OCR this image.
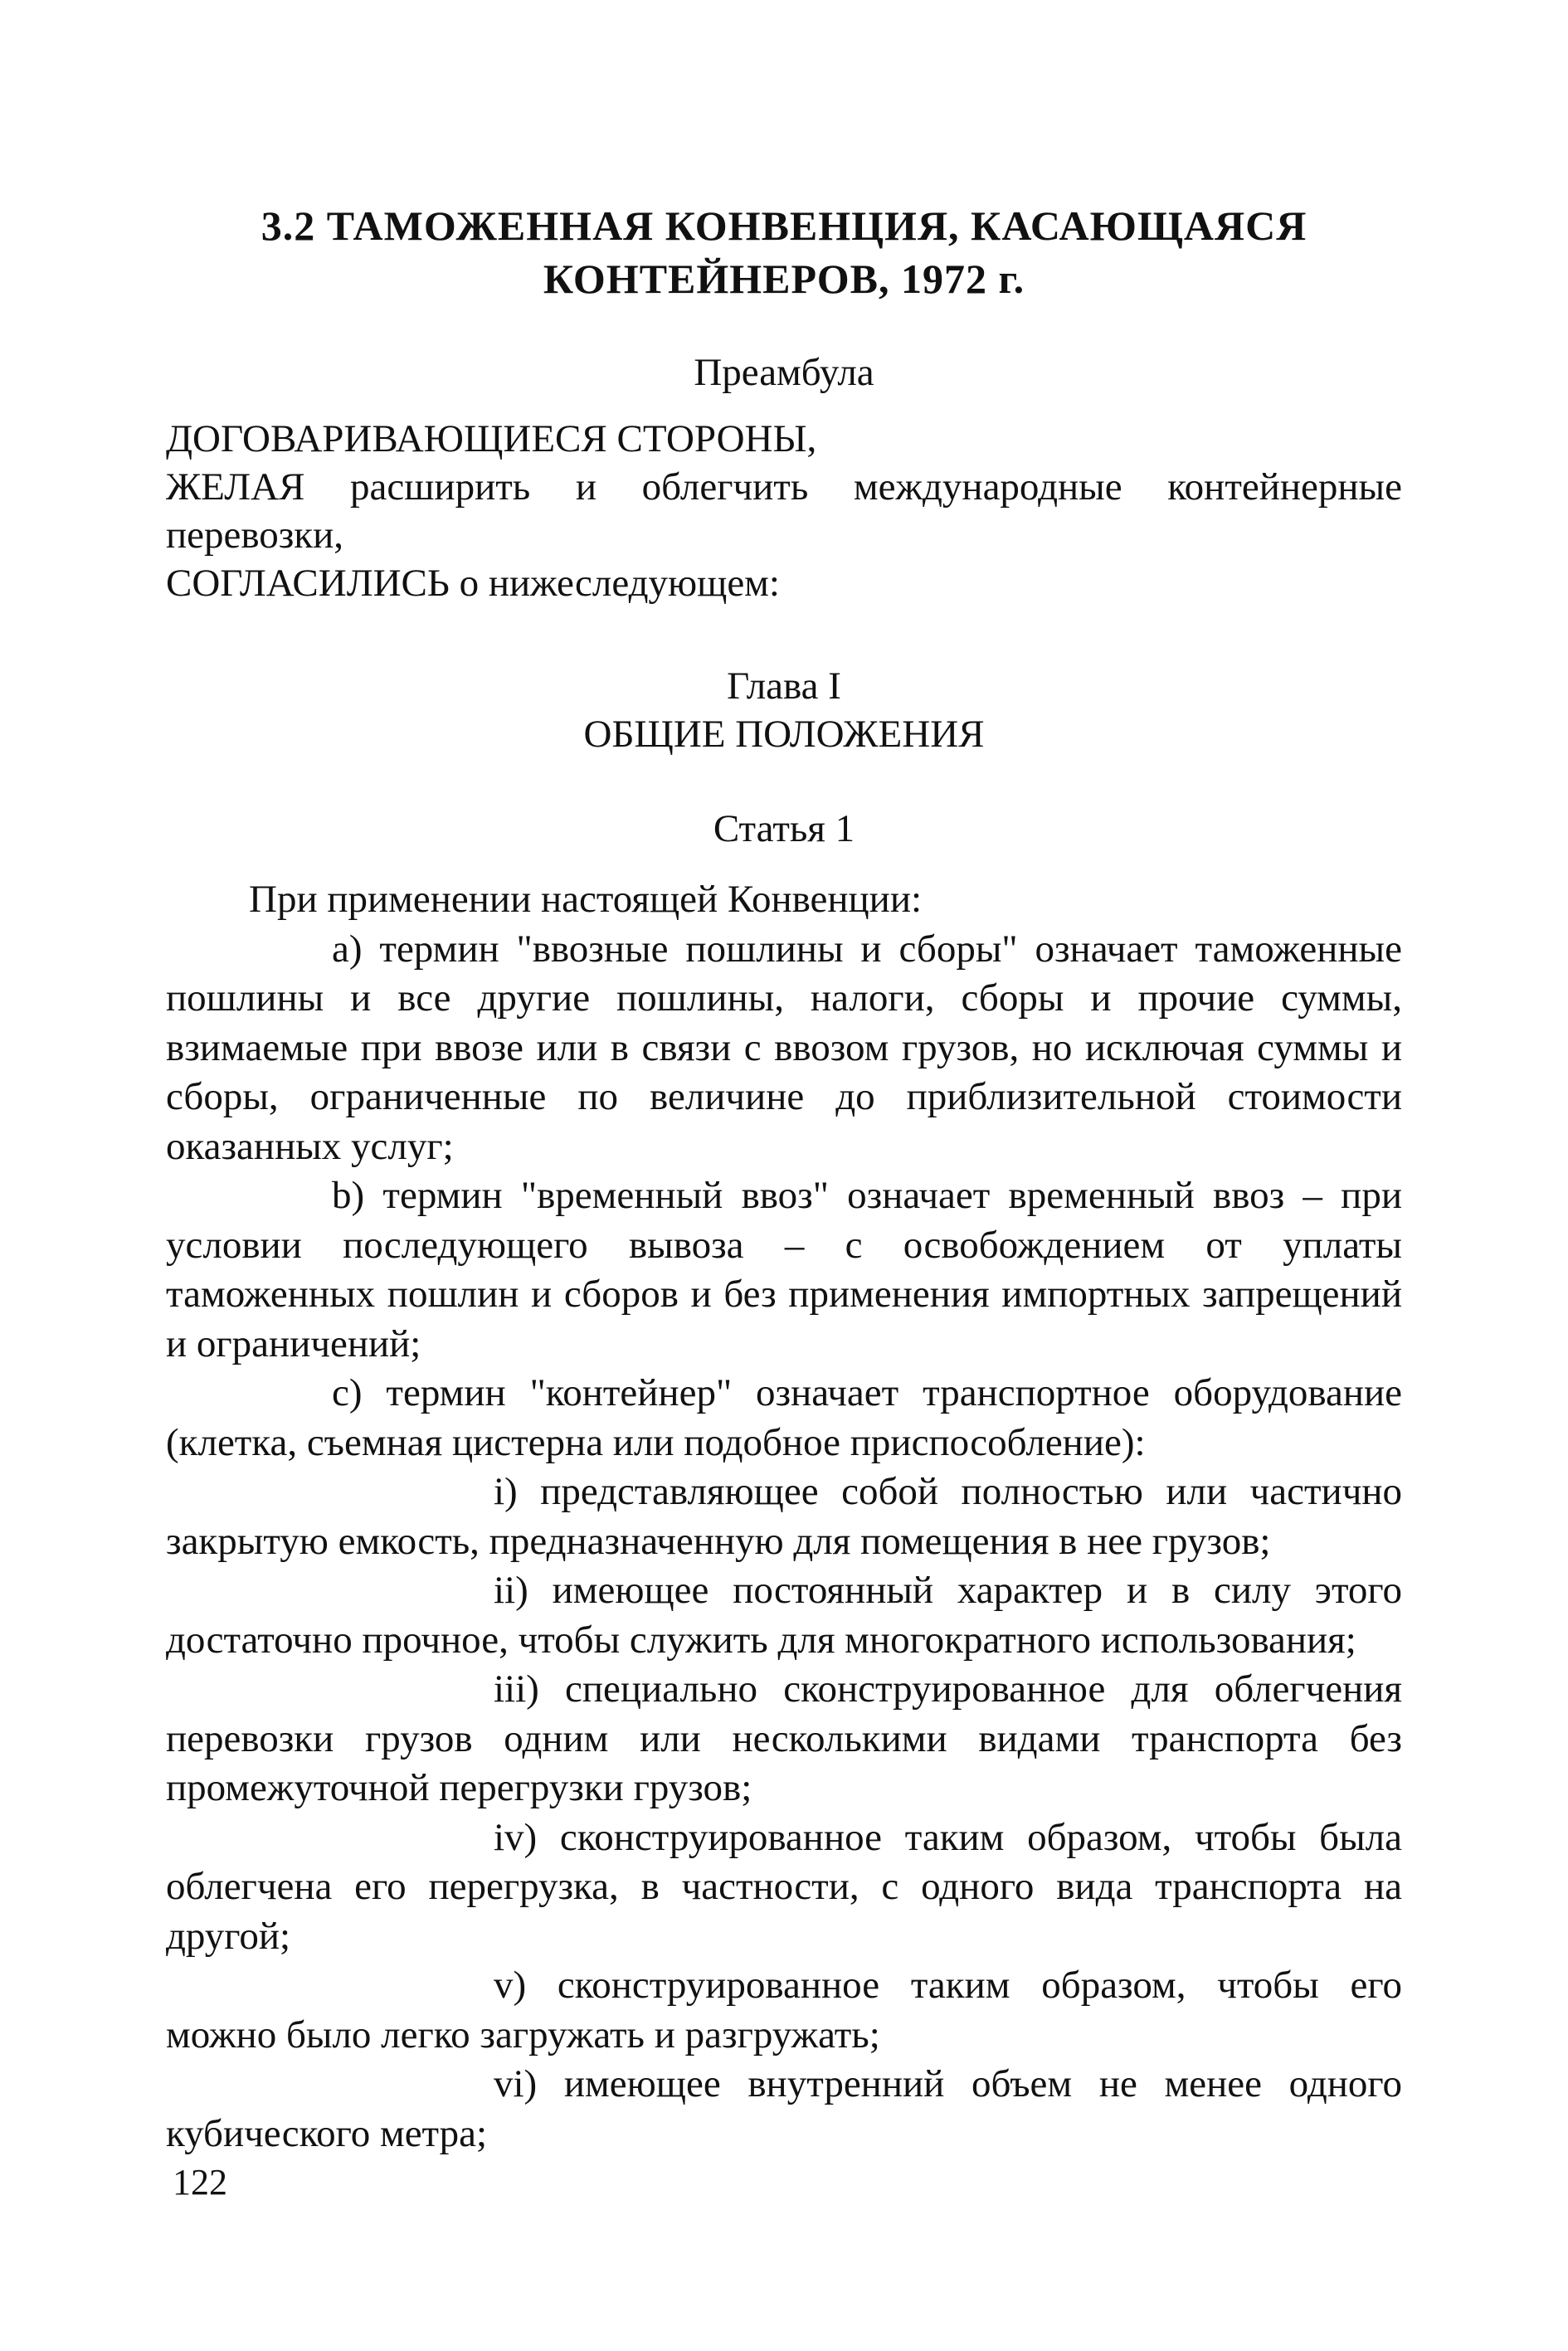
3.2 ТАМОЖЕННАЯ КОНВЕНЦИЯ, КАСАЮЩАЯСЯ
КОНТЕЙНЕРОВ, 1972 г.
Преамбула

ДОГОВАРИВАЮЩИЕСЯ СТОРОНЫ,

ЖЕЛАЯ расширить и облегчить международные контейнерные перевозки,

СОГЛАСИЛИСЬ о нижеследующем:

Глава I
ОБЩИЕ ПОЛОЖЕНИЯ
Статья 1

При применении настоящей Конвенции:

а) термин "ввозные пошлины и сборы" означает таможенные пошлины и все другие пошлины, налоги, сборы и прочие суммы, взимаемые при ввозе или в связи с ввозом грузов, но исключая суммы и сборы, ограниченные по величине до приблизительной стоимости оказанных услуг;

b) термин "временный ввоз" означает временный ввоз – при условии последующего вывоза – с освобождением от уплаты таможенных пошлин и сборов и без применения импортных запрещений и ограничений;

с) термин "контейнер" означает транспортное оборудование (клетка, съемная цистерна или подобное приспособление):

i) представляющее собой полностью или частично закрытую емкость, предназначенную для помещения в нее грузов;

ii) имеющее постоянный характер и в силу этого достаточно прочное, чтобы служить для многократного использования;

iii) специально сконструированное для облегчения перевозки грузов одним или несколькими видами транспорта без промежуточной перегрузки грузов;

iv) сконструированное таким образом, чтобы была облегчена его перегрузка, в частности, с одного вида транспорта на другой;

v) сконструированное таким образом, чтобы его можно было легко загружать и разгружать;

vi) имеющее внутренний объем не менее одного кубического метра;

122
